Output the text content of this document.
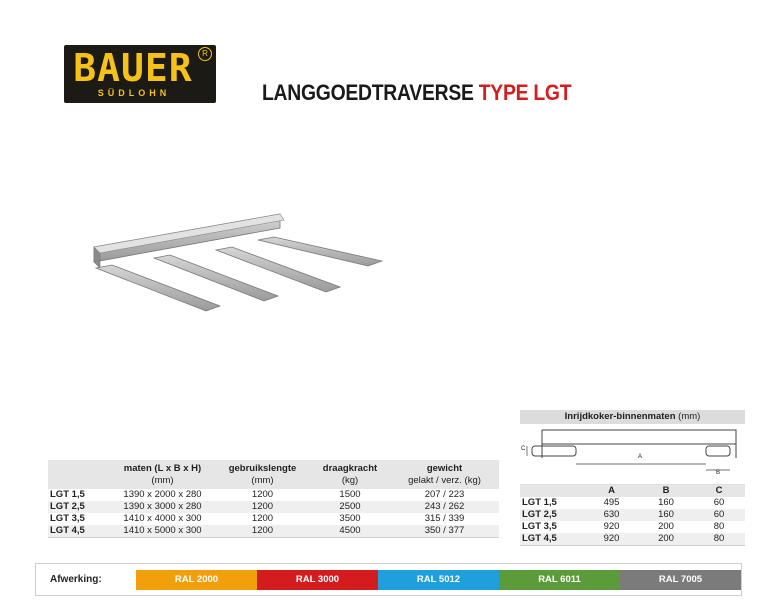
BAUER
SÜDLOHN
R
LANGGOEDTRAVERSE TYPE LGT
	maten (L x B x H)	gebruikslengte	draagkracht	gewicht
	(mm)	(mm)	(kg)	gelakt / verz. (kg)
LGT 1,5	1390 x 2000 x 280	1200	1500	207 / 223
LGT 2,5	1390 x 3000 x 280	1200	2500	243 / 262
LGT 3,5	1410 x 4000 x 300	1200	3500	315 / 339
LGT 4,5	1410 x 5000 x 300	1200	4500	350 / 377
Inrijdkoker-binnenmaten (mm)
C
A
B
	A	B	C
LGT 1,5	495	160	60
LGT 2,5	630	160	60
LGT 3,5	920	200	80
LGT 4,5	920	200	80
Afwerking:	RAL 2000	RAL 3000	RAL 5012	RAL 6011	RAL 7005
